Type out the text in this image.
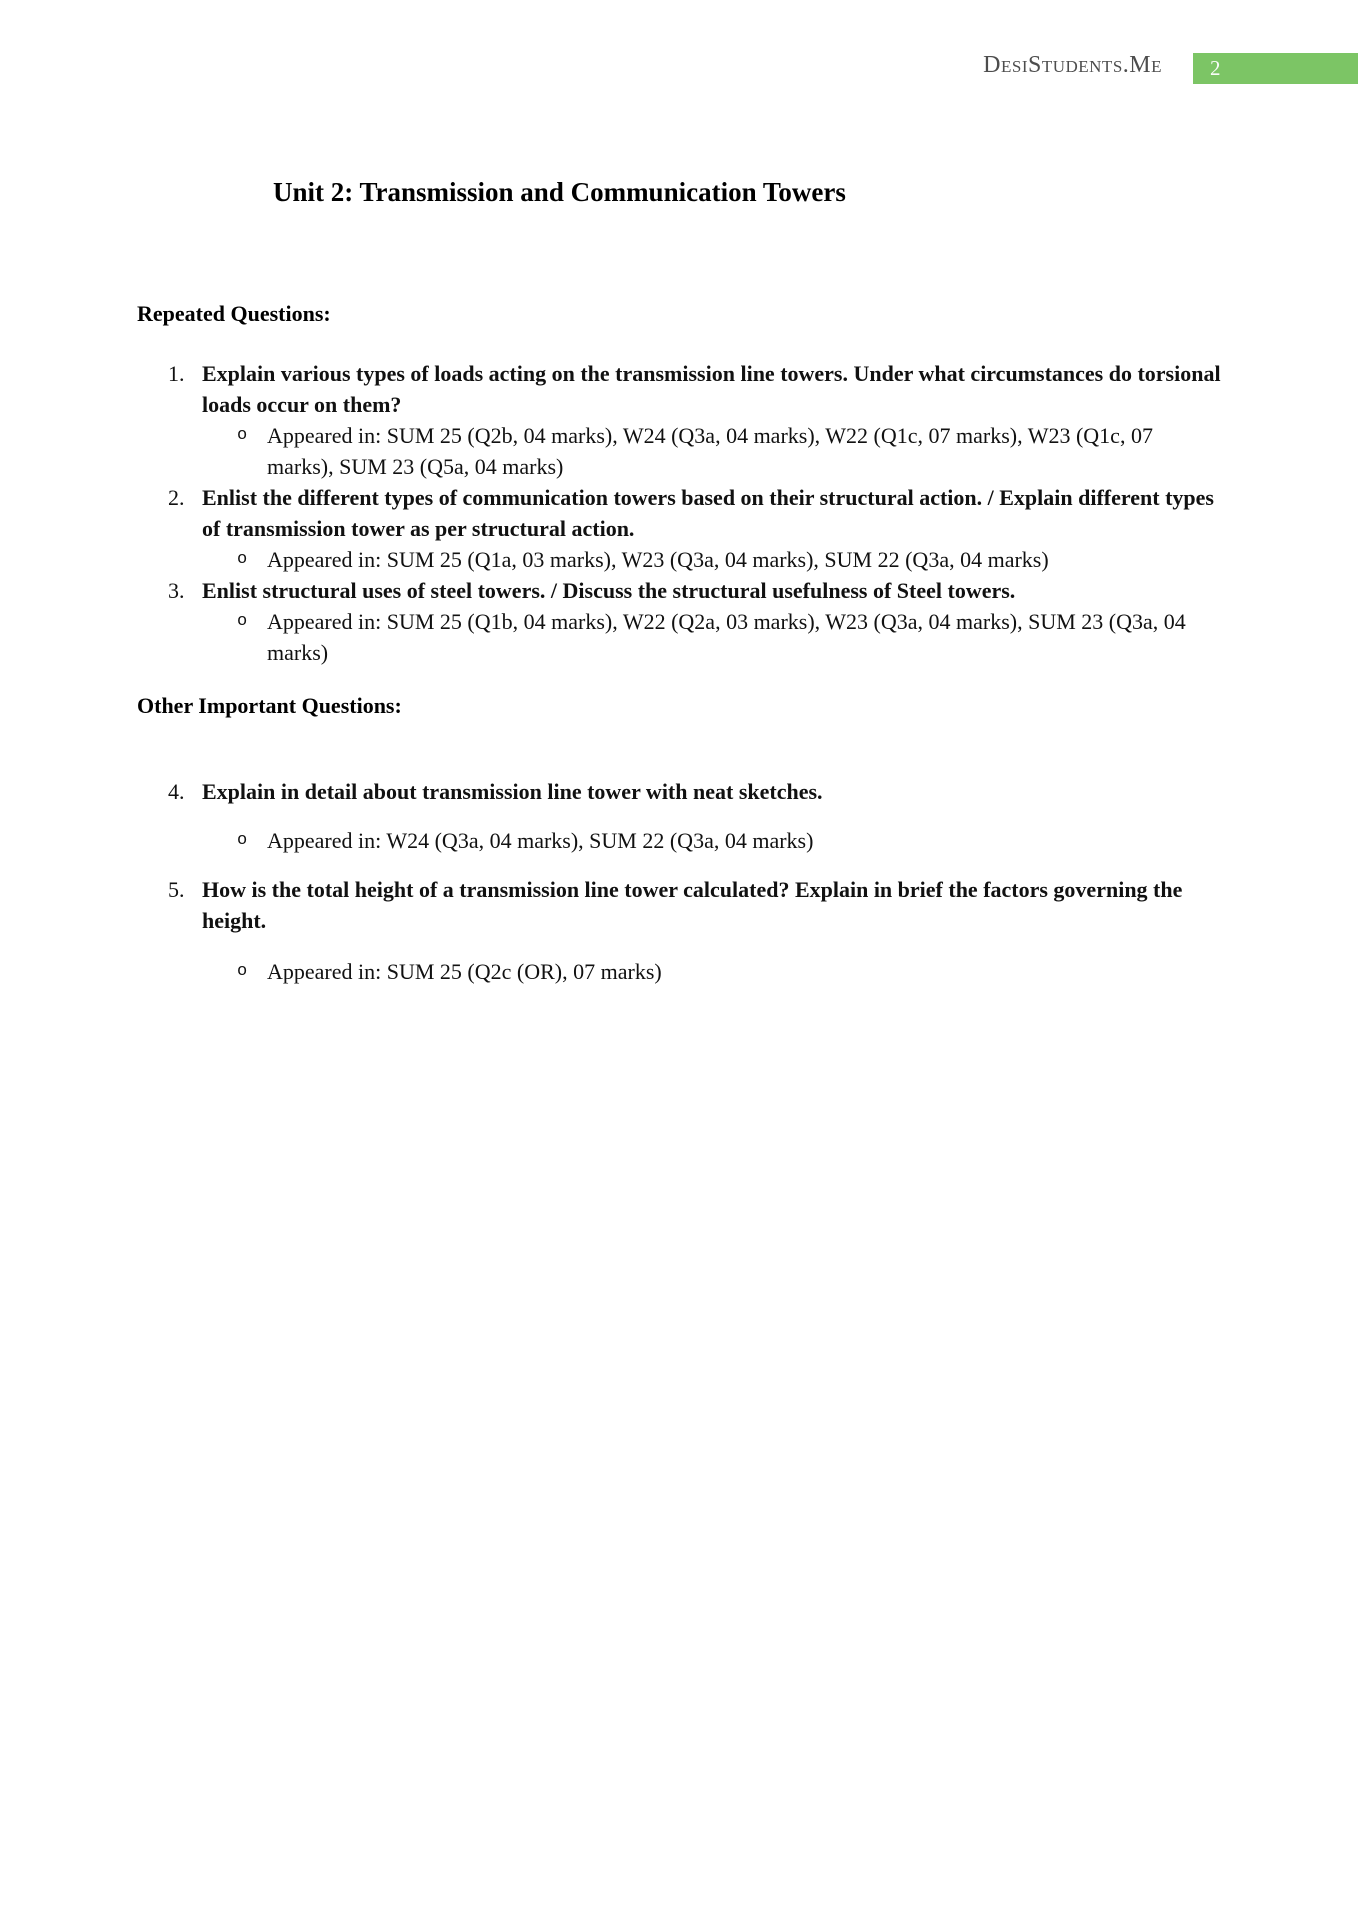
DesiStudents.Me	2
Unit 2: Transmission and Communication Towers
Repeated Questions:
1. Explain various types of loads acting on the transmission line towers. Under what circumstances do torsional loads occur on them?
o Appeared in: SUM 25 (Q2b, 04 marks), W24 (Q3a, 04 marks), W22 (Q1c, 07 marks), W23 (Q1c, 07 marks), SUM 23 (Q5a, 04 marks)
2. Enlist the different types of communication towers based on their structural action. / Explain different types of transmission tower as per structural action.
o Appeared in: SUM 25 (Q1a, 03 marks), W23 (Q3a, 04 marks), SUM 22 (Q3a, 04 marks)
3. Enlist structural uses of steel towers. / Discuss the structural usefulness of Steel towers.
o Appeared in: SUM 25 (Q1b, 04 marks), W22 (Q2a, 03 marks), W23 (Q3a, 04 marks), SUM 23 (Q3a, 04 marks)
Other Important Questions:
4. Explain in detail about transmission line tower with neat sketches.
o Appeared in: W24 (Q3a, 04 marks), SUM 22 (Q3a, 04 marks)
5. How is the total height of a transmission line tower calculated? Explain in brief the factors governing the height.
o Appeared in: SUM 25 (Q2c (OR), 07 marks)
